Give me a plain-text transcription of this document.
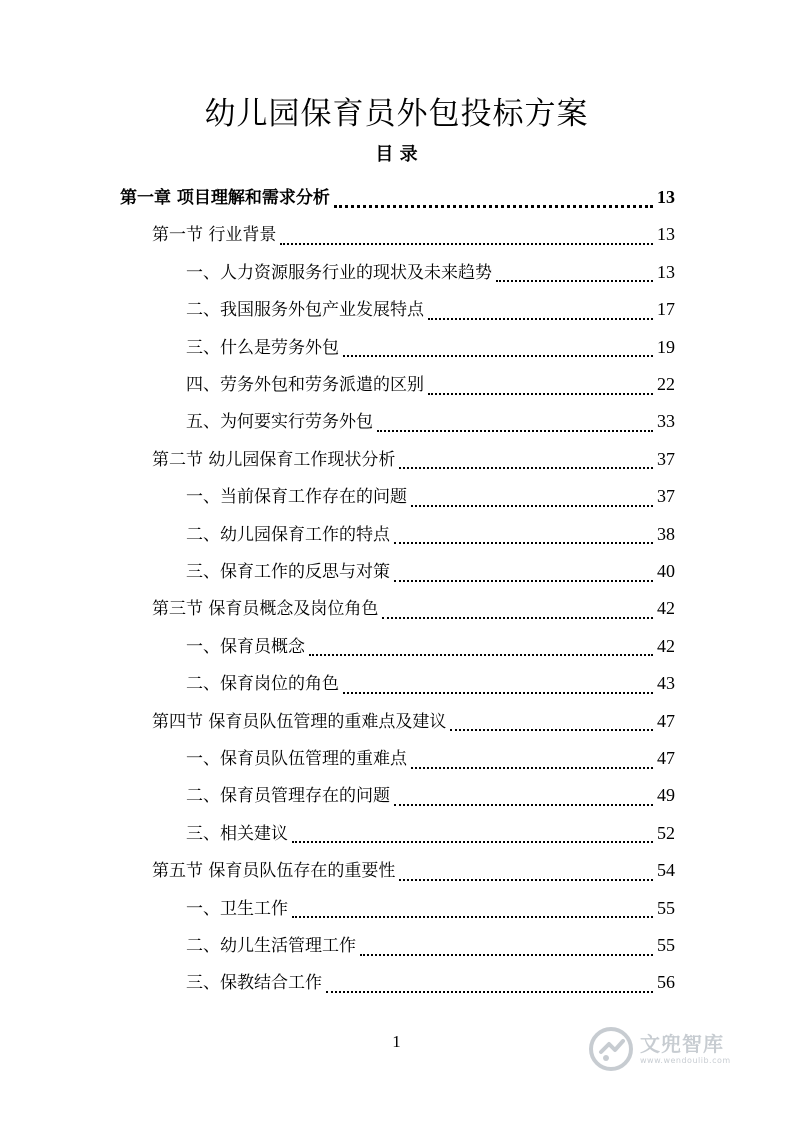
幼儿园保育员外包投标方案
目 录
第一章 项目理解和需求分析	13
第一节 行业背景	13
一、人力资源服务行业的现状及未来趋势	13
二、我国服务外包产业发展特点	17
三、什么是劳务外包	19
四、劳务外包和劳务派遣的区别	22
五、为何要实行劳务外包	33
第二节 幼儿园保育工作现状分析	37
一、当前保育工作存在的问题	37
二、幼儿园保育工作的特点	38
三、保育工作的反思与对策	40
第三节 保育员概念及岗位角色	42
一、保育员概念	42
二、保育岗位的角色	43
第四节 保育员队伍管理的重难点及建议	47
一、保育员队伍管理的重难点	47
二、保育员管理存在的问题	49
三、相关建议	52
第五节 保育员队伍存在的重要性	54
一、卫生工作	55
二、幼儿生活管理工作	55
三、保教结合工作	56
1	文兜智库
www.wendoulib.com
